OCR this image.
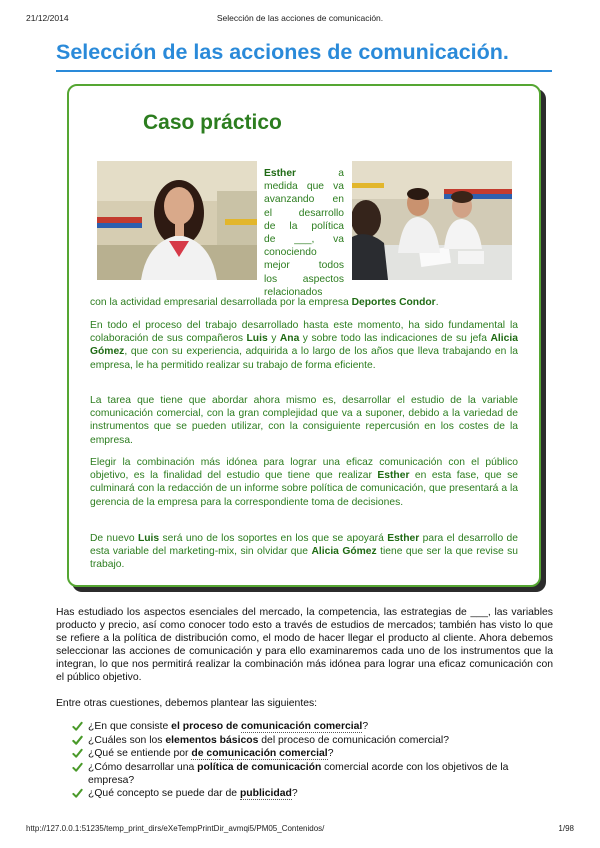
21/12/2014	Selección de las acciones de comunicación.
Selección de las acciones de comunicación.
Caso práctico

Esther	a

medida que va

avanzando en

el desarrollo

de la política

de ___, va

conociendo

mejor todos

los aspectos

relacionados

con la actividad empresarial desarrollada por la empresa Deportes Condor.

En todo el proceso del trabajo desarrollado hasta este momento, ha sido fundamental la colaboración de sus compañeros Luis y Ana y sobre todo las indicaciones de su jefa Alicia Gómez, que con su experiencia, adquirida a lo largo de los años que lleva trabajando en la empresa, le ha permitido realizar su trabajo de forma eficiente.

La tarea que tiene que abordar ahora mismo es, desarrollar el estudio de la variable comunicación comercial, con la gran complejidad que va a suponer, debido a la variedad de instrumentos que se pueden utilizar, con la consiguiente repercusión en los costes de la empresa.

Elegir la combinación más idónea para lograr una eficaz comunicación con el público objetivo, es la finalidad del estudio que tiene que realizar Esther en esta fase, que se culminará con la redacción de un informe sobre política de comunicación, que presentará a la gerencia de la empresa para la correspondiente toma de decisiones.

De nuevo Luis será uno de los soportes en los que se apoyará Esther para el desarrollo de esta variable del marketing-mix, sin olvidar que Alicia Gómez tiene que ser la que revise su trabajo.

Has estudiado los aspectos esenciales del mercado, la competencia, las estrategias de ___, las variables producto y precio, así como conocer todo esto a través de estudios de mercados; también has visto lo que se refiere a la política de distribución como, el modo de hacer llegar el producto al cliente. Ahora debemos seleccionar las acciones de comunicación y para ello examinaremos cada uno de los instrumentos que la integran, lo que nos permitirá realizar la combinación más idónea para lograr una eficaz comunicación con el público objetivo.

Entre otras cuestiones, debemos plantear las siguientes:

¿En que consiste el proceso de comunicación comercial?
¿Cuáles son los elementos básicos del proceso de comunicación comercial?
¿Qué se entiende por de comunicación comercial?
¿Cómo desarrollar una política de comunicación comercial acorde con los objetivos de la empresa?
¿Qué concepto se puede dar de publicidad?
http://127.0.0.1:51235/temp_print_dirs/eXeTempPrintDir_avmqi5/PM05_Contenidos/	1/98
